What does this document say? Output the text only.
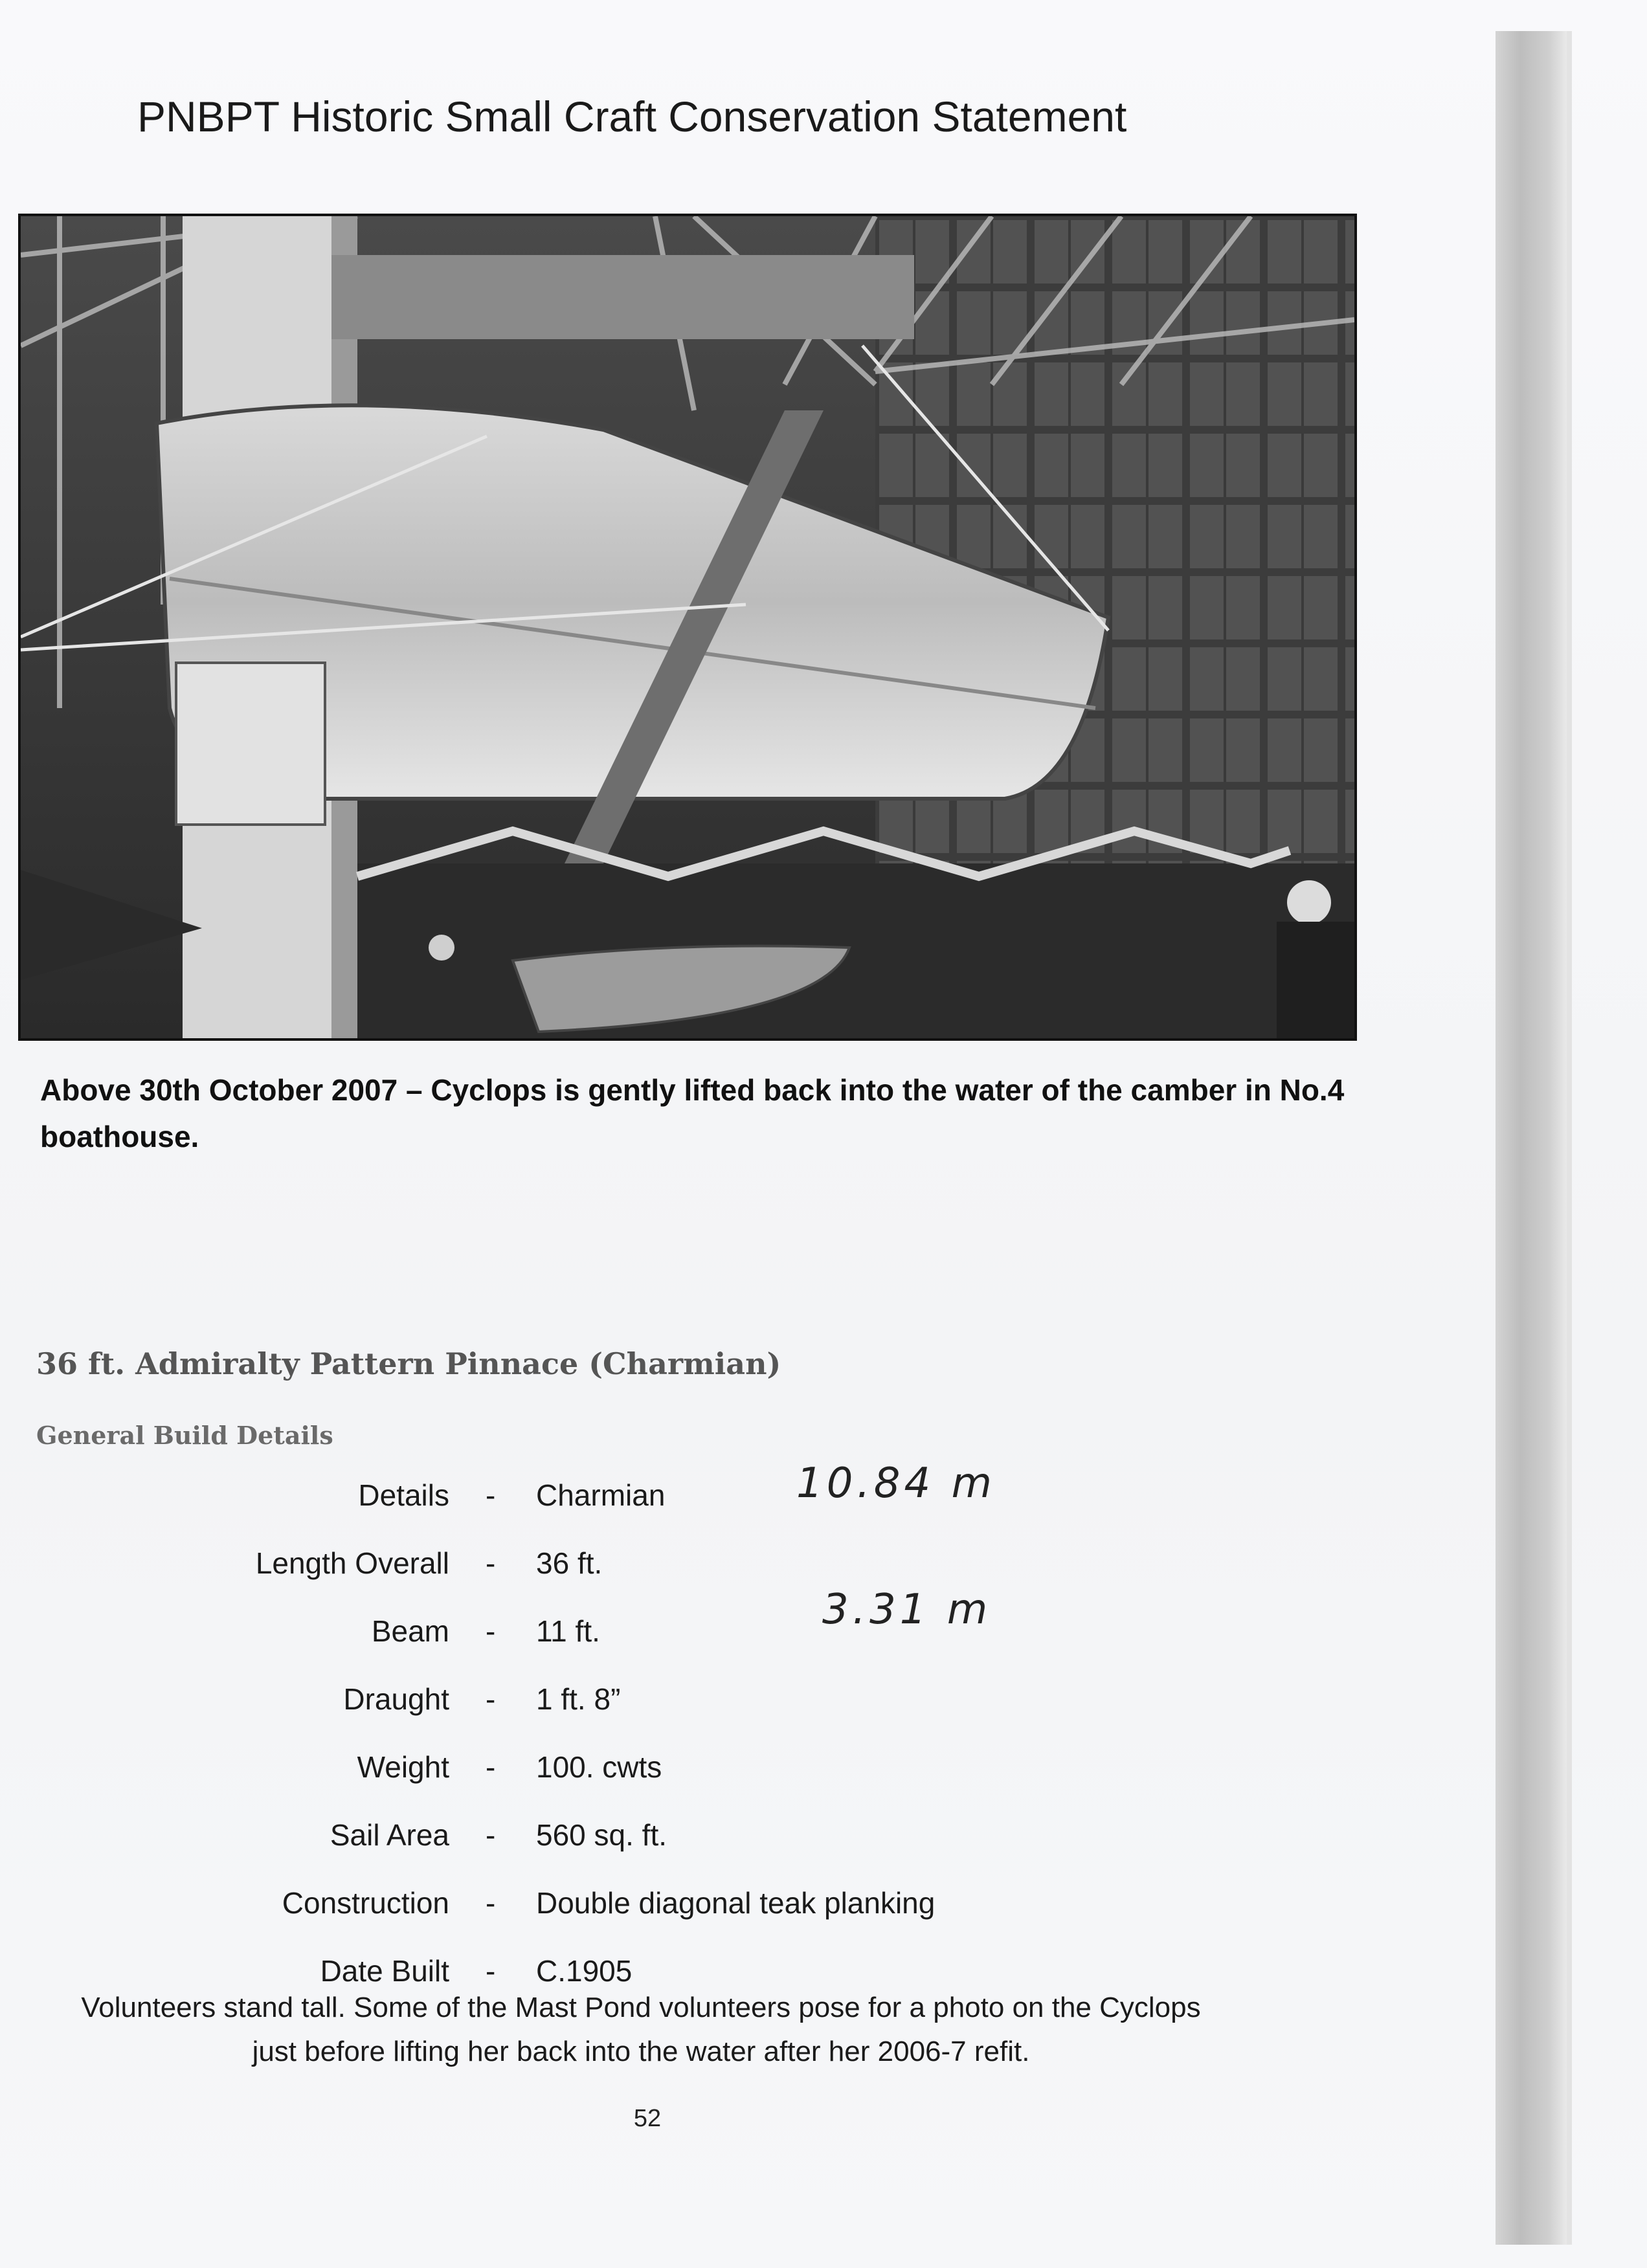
PNBPT Historic Small Craft Conservation Statement
Above 30th October 2007 – Cyclops is gently lifted back into the water of the camber in No.4 boathouse.
36 ft. Admiralty Pattern Pinnace (Charmian)
General Build Details
Details - Charmian
Length Overall - 36 ft.
Beam - 11 ft.
Draught - 1 ft. 8”
Weight - 100. cwts
Sail Area - 560 sq. ft.
Construction - Double diagonal teak planking
Date Built - C.1905
10.84 m
3.31 m
Volunteers stand tall. Some of the Mast Pond volunteers pose for a photo on the Cyclops just before lifting her back into the water after her 2006-7 refit.
52
